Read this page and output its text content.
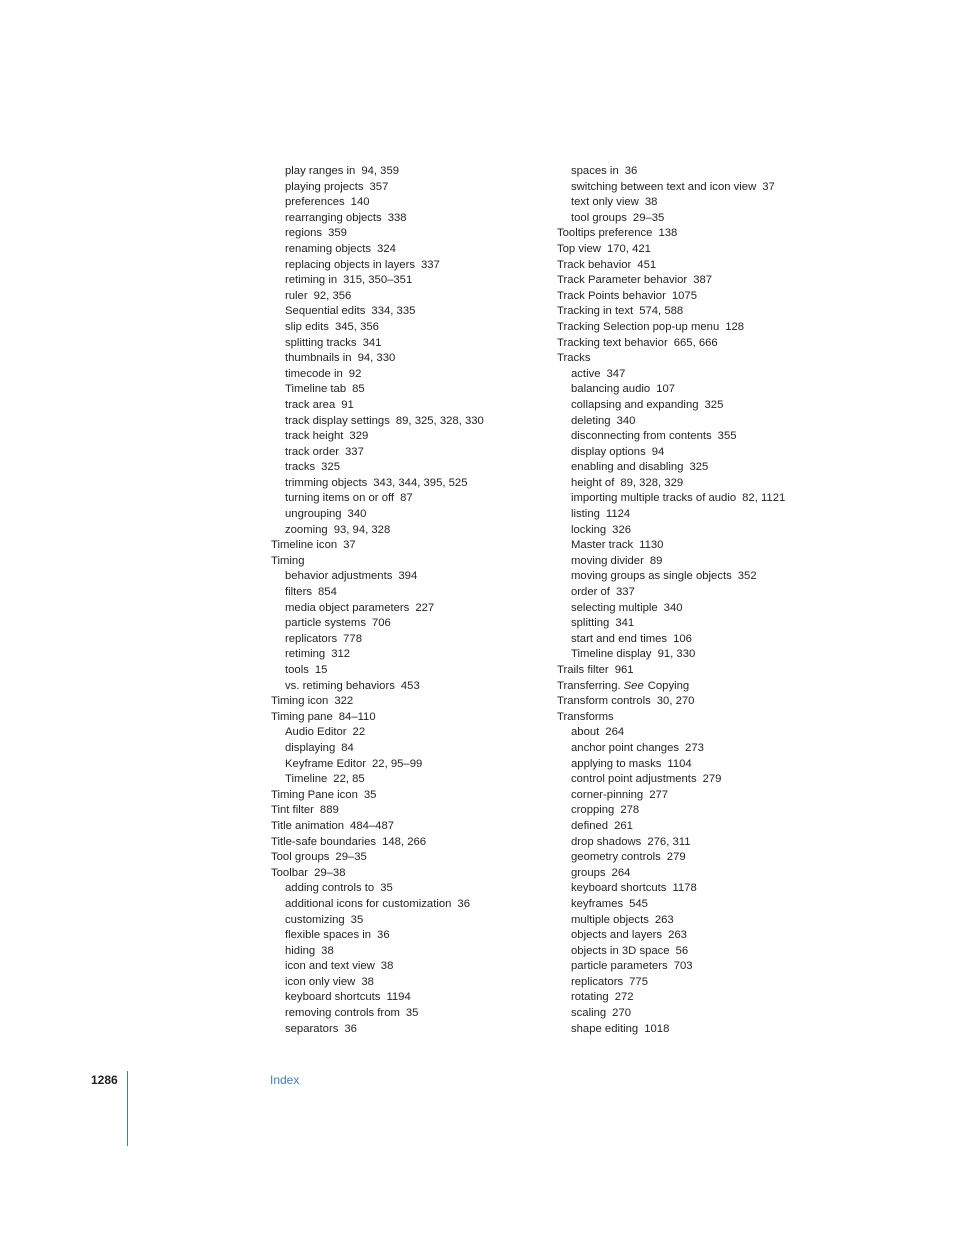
play ranges in 94, 359
playing projects 357
preferences 140
rearranging objects 338
regions 359
renaming objects 324
replacing objects in layers 337
retiming in 315, 350–351
ruler 92, 356
Sequential edits 334, 335
slip edits 345, 356
splitting tracks 341
thumbnails in 94, 330
timecode in 92
Timeline tab 85
track area 91
track display settings 89, 325, 328, 330
track height 329
track order 337
tracks 325
trimming objects 343, 344, 395, 525
turning items on or off 87
ungrouping 340
zooming 93, 94, 328
Timeline icon 37
Timing
behavior adjustments 394
filters 854
media object parameters 227
particle systems 706
replicators 778
retiming 312
tools 15
vs. retiming behaviors 453
Timing icon 322
Timing pane 84–110
Audio Editor 22
displaying 84
Keyframe Editor 22, 95–99
Timeline 22, 85
Timing Pane icon 35
Tint filter 889
Title animation 484–487
Title-safe boundaries 148, 266
Tool groups 29–35
Toolbar 29–38
adding controls to 35
additional icons for customization 36
customizing 35
flexible spaces in 36
hiding 38
icon and text view 38
icon only view 38
keyboard shortcuts 1194
removing controls from 35
separators 36
spaces in 36
switching between text and icon view 37
text only view 38
tool groups 29–35
Tooltips preference 138
Top view 170, 421
Track behavior 451
Track Parameter behavior 387
Track Points behavior 1075
Tracking in text 574, 588
Tracking Selection pop-up menu 128
Tracking text behavior 665, 666
Tracks
active 347
balancing audio 107
collapsing and expanding 325
deleting 340
disconnecting from contents 355
display options 94
enabling and disabling 325
height of 89, 328, 329
importing multiple tracks of audio 82, 1121
listing 1124
locking 326
Master track 1130
moving divider 89
moving groups as single objects 352
order of 337
selecting multiple 340
splitting 341
start and end times 106
Timeline display 91, 330
Trails filter 961
Transferring. See Copying
Transform controls 30, 270
Transforms
about 264
anchor point changes 273
applying to masks 1104
control point adjustments 279
corner-pinning 277
cropping 278
defined 261
drop shadows 276, 311
geometry controls 279
groups 264
keyboard shortcuts 1178
keyframes 545
multiple objects 263
objects and layers 263
objects in 3D space 56
particle parameters 703
replicators 775
rotating 272
scaling 270
shape editing 1018
1286	Index
